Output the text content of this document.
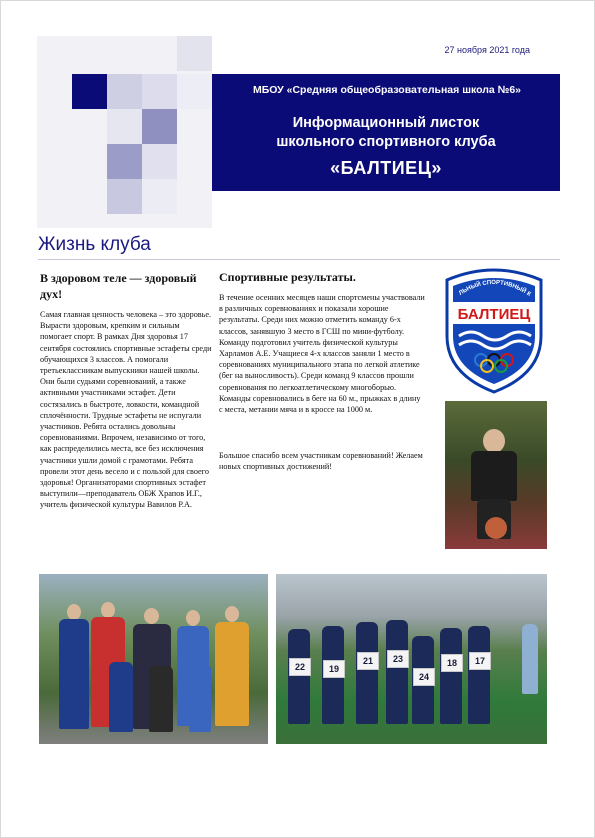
27 ноября 2021 года
МБОУ «Средняя общеобразовательная школа №6»
Информационный листок
школьного спортивного клуба
«БАЛТИЕЦ»
Жизнь клуба
В здоровом теле — здоровый дух!
Самая главная ценность человека – это здоровье. Вырасти здоровым, крепким и сильным помогает спорт. В рамках Дня здоровья 17 сентября состоялись спортивные эстафеты среди обучающихся 3 классов. А помогали третьеклассникам выпускники нашей школы. Они были судьями соревнований, а также активными участниками эстафет. Дети состязались в быстроте, ловкости, командной сплочённости. Трудные эстафеты не испугали участников. Ребята остались довольны соревнованиями. Впрочем, независимо от того, как распределились места, все без исключения участники ушли домой с грамотами. Ребята провели этот день весело и с пользой для своего здоровья! Организаторами спортивных эстафет выступили—преподаватель ОБЖ Храпов И.Г., учитель физической культуры Вавилов Р.А.
Спортивные результаты.
В течение осенних месяцев наши спортсмены участвовали в различных соревнованиях и показали хорошие результаты. Среди них можно отметить команду 6-х классов, занявшую 3 место в ГСШ по мини-футболу. Команду подготовил учитель физической культуры Харламов А.Е. Учащиеся 4-х классов заняли 1 место в соревнованиях муниципального этапа по легкой атлетике (бег на выносливость). Среди команд 9 классов прошли соревнования по легкоатлетическому многоборью. Команды соревновались в беге на 60 м., прыжках в длину с места, метании мяча и в кроссе на 1000 м.
Большое спасибо всем участникам соревнований! Желаем новых спортивных достижений!
ЛЬНЫЙ СПОРТИВНЫЙ К
БАЛТИЕЦ
22	19
21	23
24
18	17
